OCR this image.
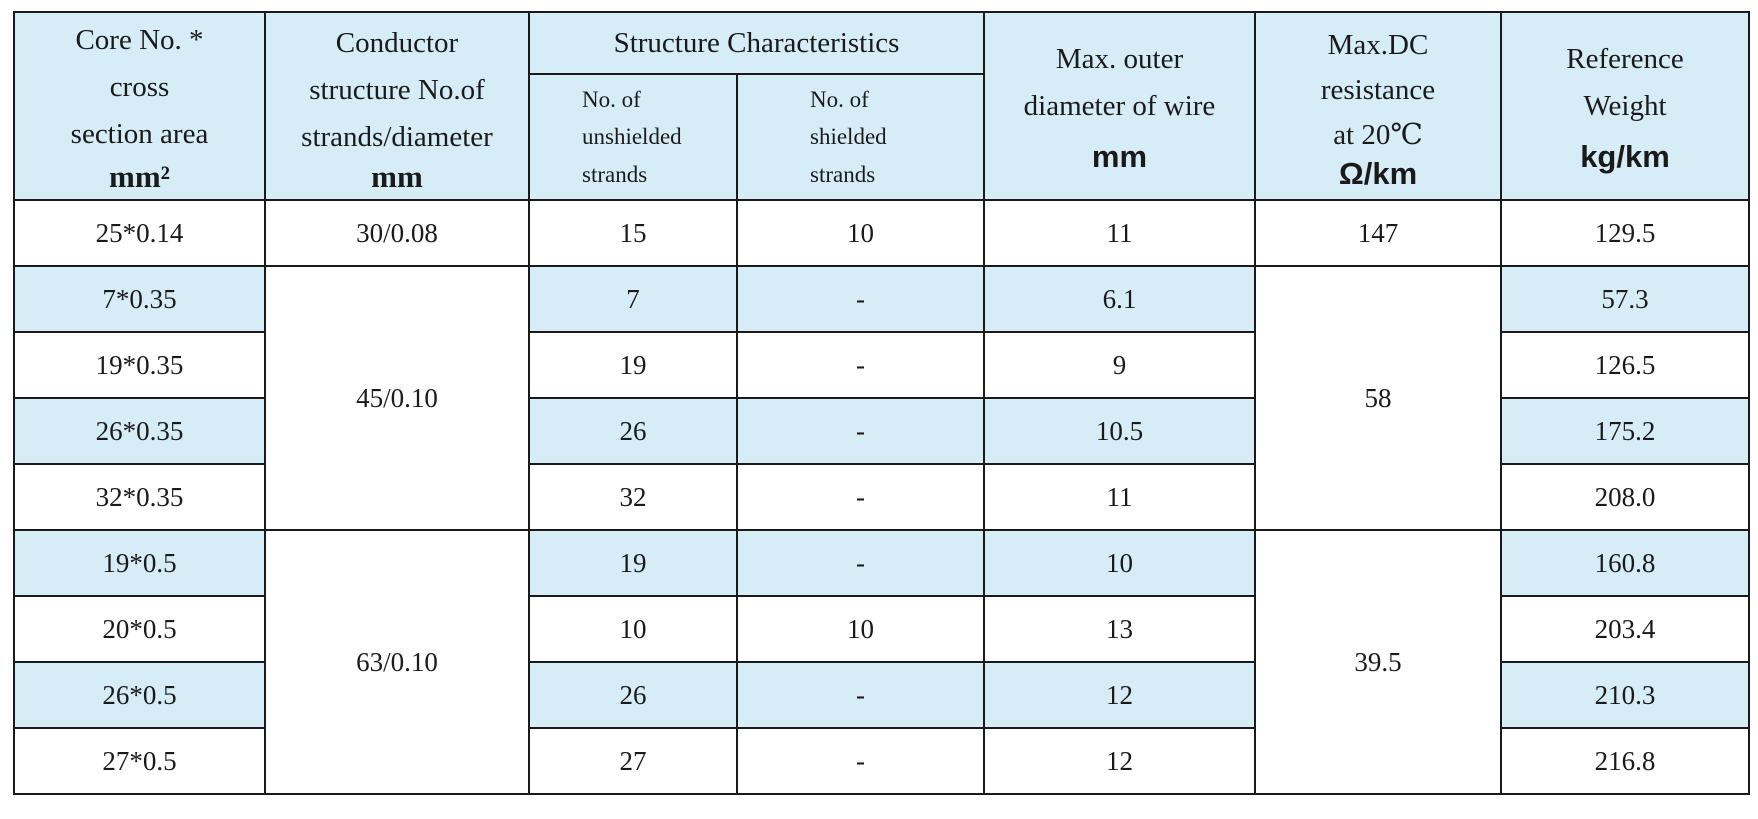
Core No. *
cross
section area
mm²	Conductor
structure No.of
strands/diameter
mm	Structure Characteristics		Max. outer
diameter of wire
mm	Max.DC
resistance
at 20℃
Ω/km	Reference
Weight
kg/km

		No. of
unshielded
strands	No. of
shielded
strands			

25*0.14	30/0.08	15	10	11	147	129.5
7*0.35	45/0.10	7	-	6.1	58	57.3
19*0.35		19	-	9		126.5
26*0.35		26	-	10.5		175.2
32*0.35		32	-	11		208.0
19*0.5	63/0.10	19	-	10	39.5	160.8
20*0.5		10	10	13		203.4
26*0.5		26	-	12		210.3
27*0.5		27	-	12		216.8
